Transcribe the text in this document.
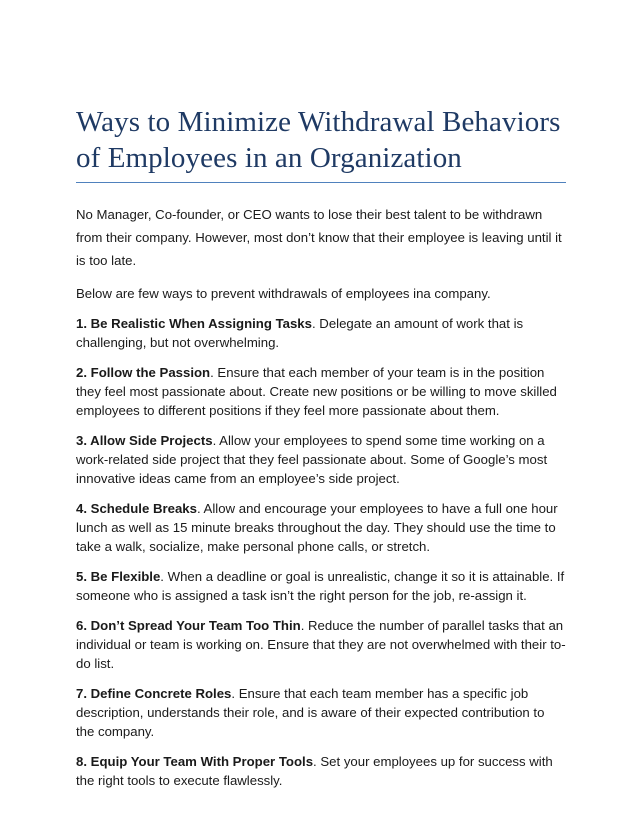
Ways to Minimize Withdrawal Behaviors
of Employees in an Organization

No Manager, Co-founder, or CEO wants to lose their best talent to be withdrawn from their company. However, most don’t know that their employee is leaving until it is too late.

Below are few ways to prevent withdrawals of employees ina company.

1. Be Realistic When Assigning Tasks. Delegate an amount of work that is challenging, but not overwhelming.
2. Follow the Passion. Ensure that each member of your team is in the position they feel most passionate about. Create new positions or be willing to move skilled employees to different positions if they feel more passionate about them.
3. Allow Side Projects. Allow your employees to spend some time working on a work-related side project that they feel passionate about. Some of Google’s most innovative ideas came from an employee’s side project.
4. Schedule Breaks. Allow and encourage your employees to have a full one hour lunch as well as 15 minute breaks throughout the day. They should use the time to take a walk, socialize, make personal phone calls, or stretch.
5. Be Flexible. When a deadline or goal is unrealistic, change it so it is attainable. If someone who is assigned a task isn’t the right person for the job, re-assign it.
6. Don’t Spread Your Team Too Thin. Reduce the number of parallel tasks that an individual or team is working on. Ensure that they are not overwhelmed with their to-do list.
7. Define Concrete Roles. Ensure that each team member has a specific job description, understands their role, and is aware of their expected contribution to the company.
8. Equip Your Team With Proper Tools. Set your employees up for success with the right tools to execute flawlessly.
